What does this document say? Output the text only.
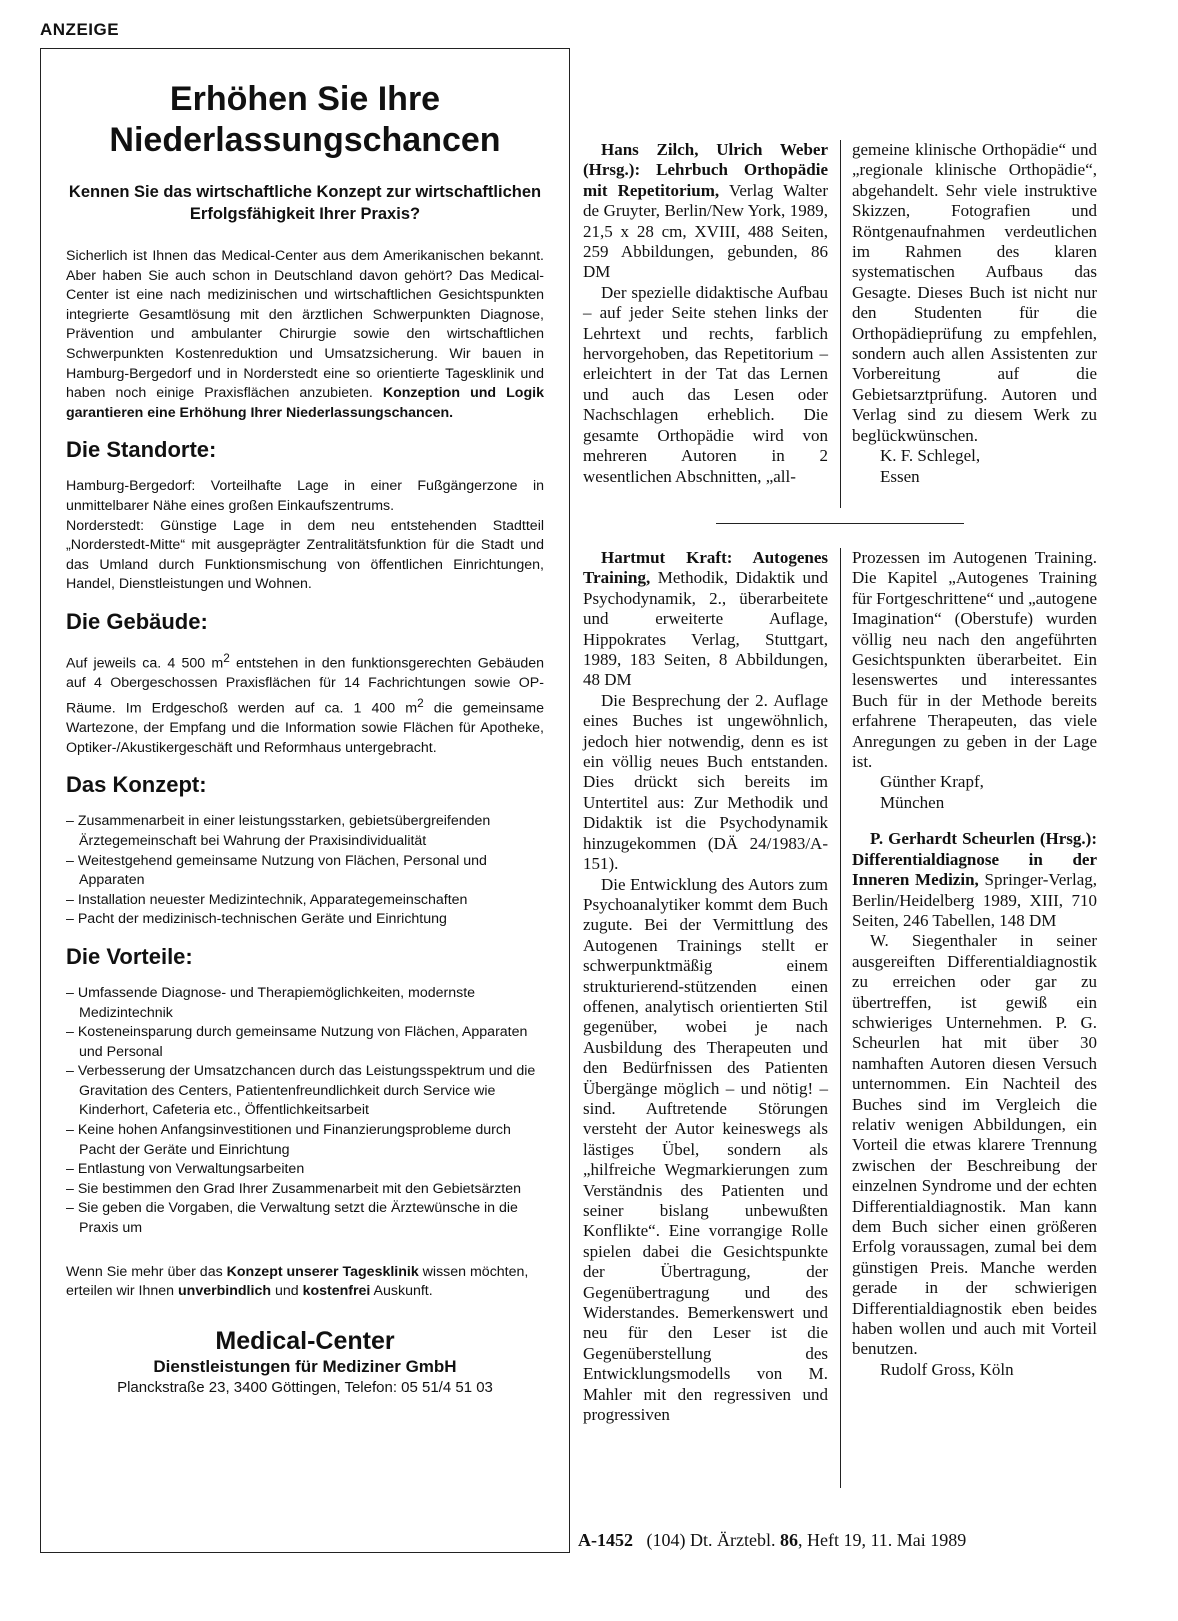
ANZEIGE
Erhöhen Sie Ihre
Niederlassungschancen
Kennen Sie das wirtschaftliche Konzept zur wirtschaftlichen Erfolgsfähigkeit Ihrer Praxis?

Sicherlich ist Ihnen das Medical-Center aus dem Amerikanischen bekannt. Aber haben Sie auch schon in Deutschland davon gehört? Das Medical-Center ist eine nach medizinischen und wirtschaftlichen Gesichtspunkten integrierte Gesamtlösung mit den ärztlichen Schwerpunkten Diagnose, Prävention und ambulanter Chirurgie sowie den wirtschaftlichen Schwerpunkten Kostenreduktion und Umsatzsicherung. Wir bauen in Hamburg-Bergedorf und in Norderstedt eine so orientierte Tagesklinik und haben noch einige Praxisflächen anzubieten. Konzeption und Logik garantieren eine Erhöhung Ihrer Niederlassungschancen.

Die Standorte:

Hamburg-Bergedorf: Vorteilhafte Lage in einer Fußgängerzone in unmittelbarer Nähe eines großen Einkaufszentrums.

Norderstedt: Günstige Lage in dem neu entstehenden Stadtteil „Norderstedt-Mitte“ mit ausgeprägter Zentralitätsfunktion für die Stadt und das Umland durch Funktionsmischung von öffentlichen Einrichtungen, Handel, Dienstleistungen und Wohnen.

Die Gebäude:

Auf jeweils ca. 4 500 $m^2$ entstehen in den funktionsgerechten Gebäuden auf 4 Obergeschossen Praxisflächen für 14 Fachrichtungen sowie OP-Räume. Im Erdgeschoß werden auf ca. 1 400 $m^2$ die gemeinsame Wartezone, der Empfang und die Information sowie Flächen für Apotheke, Optiker-/Akustikergeschäft und Reformhaus untergebracht.

Das Konzept:
– Zusammenarbeit in einer leistungsstarken, gebietsübergreifenden Ärztegemeinschaft bei Wahrung der Praxisindividualität
– Weitestgehend gemeinsame Nutzung von Flächen, Personal und Apparaten
– Installation neuester Medizintechnik, Apparategemeinschaften
– Pacht der medizinisch-technischen Geräte und Einrichtung
Die Vorteile:
– Umfassende Diagnose- und Therapiemöglichkeiten, modernste Medizintechnik
– Kosteneinsparung durch gemeinsame Nutzung von Flächen, Apparaten und Personal
– Verbesserung der Umsatzchancen durch das Leistungsspektrum und die Gravitation des Centers, Patientenfreundlichkeit durch Service wie Kinderhort, Cafeteria etc., Öffentlichkeitsarbeit
– Keine hohen Anfangsinvestitionen und Finanzierungsprobleme durch Pacht der Geräte und Einrichtung
– Entlastung von Verwaltungsarbeiten
– Sie bestimmen den Grad Ihrer Zusammenarbeit mit den Gebietsärzten
– Sie geben die Vorgaben, die Verwaltung setzt die Ärztewünsche in die Praxis um

Wenn Sie mehr über das Konzept unserer Tagesklinik wissen möchten, erteilen wir Ihnen unverbindlich und kostenfrei Auskunft.

Medical-Center
Dienstleistungen für Mediziner GmbH
Planckstraße 23, 3400 Göttingen, Telefon: 05 51/4 51 03

Hans Zilch, Ulrich Weber (Hrsg.): Lehrbuch Orthopädie mit Repetitorium, Verlag Walter de Gruyter, Berlin/New York, 1989, 21,5 x 28 cm, XVIII, 488 Seiten, 259 Abbildungen, gebunden, 86 DM

Der spezielle didaktische Aufbau – auf jeder Seite stehen links der Lehrtext und rechts, farblich hervorgehoben, das Repetitorium – erleichtert in der Tat das Lernen und auch das Lesen oder Nachschlagen erheblich. Die gesamte Orthopädie wird von mehreren Autoren in 2 wesentlichen Abschnitten, „all-

gemeine klinische Orthopädie“ und „regionale klinische Orthopädie“, abgehandelt. Sehr viele instruktive Skizzen, Fotografien und Röntgenaufnahmen verdeutlichen im Rahmen des klaren systematischen Aufbaus das Gesagte. Dieses Buch ist nicht nur den Studenten für die Orthopädieprüfung zu empfehlen, sondern auch allen Assistenten zur Vorbereitung auf die Gebietsarztprüfung. Autoren und Verlag sind zu diesem Werk zu beglückwünschen.

K. F. Schlegel,

Essen

Hartmut Kraft: Autogenes Training, Methodik, Didaktik und Psychodynamik, 2., überarbeitete und erweiterte Auflage, Hippokrates Verlag, Stuttgart, 1989, 183 Seiten, 8 Abbildungen, 48 DM

Die Besprechung der 2. Auflage eines Buches ist ungewöhnlich, jedoch hier notwendig, denn es ist ein völlig neues Buch entstanden. Dies drückt sich bereits im Untertitel aus: Zur Methodik und Didaktik ist die Psychodynamik hinzugekommen (DÄ 24/1983/A-151).

Die Entwicklung des Autors zum Psychoanalytiker kommt dem Buch zugute. Bei der Vermittlung des Autogenen Trainings stellt er schwerpunktmäßig einem strukturierend-stützenden einen offenen, analytisch orientierten Stil gegenüber, wobei je nach Ausbildung des Therapeuten und den Bedürfnissen des Patienten Übergänge möglich – und nötig! – sind. Auftretende Störungen versteht der Autor keineswegs als lästiges Übel, sondern als „hilfreiche Wegmarkierungen zum Verständnis des Patienten und seiner bislang unbewußten Konflikte“. Eine vorrangige Rolle spielen dabei die Gesichtspunkte der Übertragung, der Gegenübertragung und des Widerstandes. Bemerkenswert und neu für den Leser ist die Gegenüberstellung des Entwicklungsmodells von M. Mahler mit den regressiven und progressiven

Prozessen im Autogenen Training. Die Kapitel „Autogenes Training für Fortgeschrittene“ und „autogene Imagination“ (Oberstufe) wurden völlig neu nach den angeführten Gesichtspunkten überarbeitet. Ein lesenswertes und interessantes Buch für in der Methode bereits erfahrene Therapeuten, das viele Anregungen zu geben in der Lage ist.

Günther Krapf,

München

P. Gerhardt Scheurlen (Hrsg.): Differentialdiagnose in der Inneren Medizin, Springer-Verlag, Berlin/Heidelberg 1989, XIII, 710 Seiten, 246 Tabellen, 148 DM

W. Siegenthaler in seiner ausgereiften Differentialdiagnostik zu erreichen oder gar zu übertreffen, ist gewiß ein schwieriges Unternehmen. P. G. Scheurlen hat mit über 30 namhaften Autoren diesen Versuch unternommen. Ein Nachteil des Buches sind im Vergleich die relativ wenigen Abbildungen, ein Vorteil die etwas klarere Trennung zwischen der Beschreibung der einzelnen Syndrome und der echten Differentialdiagnostik. Man kann dem Buch sicher einen größeren Erfolg voraussagen, zumal bei dem günstigen Preis. Manche werden gerade in der schwierigen Differentialdiagnostik eben beides haben wollen und auch mit Vorteil benutzen.

Rudolf Gross, Köln

A-1452 (104) Dt. Ärztebl. 86, Heft 19, 11. Mai 1989
